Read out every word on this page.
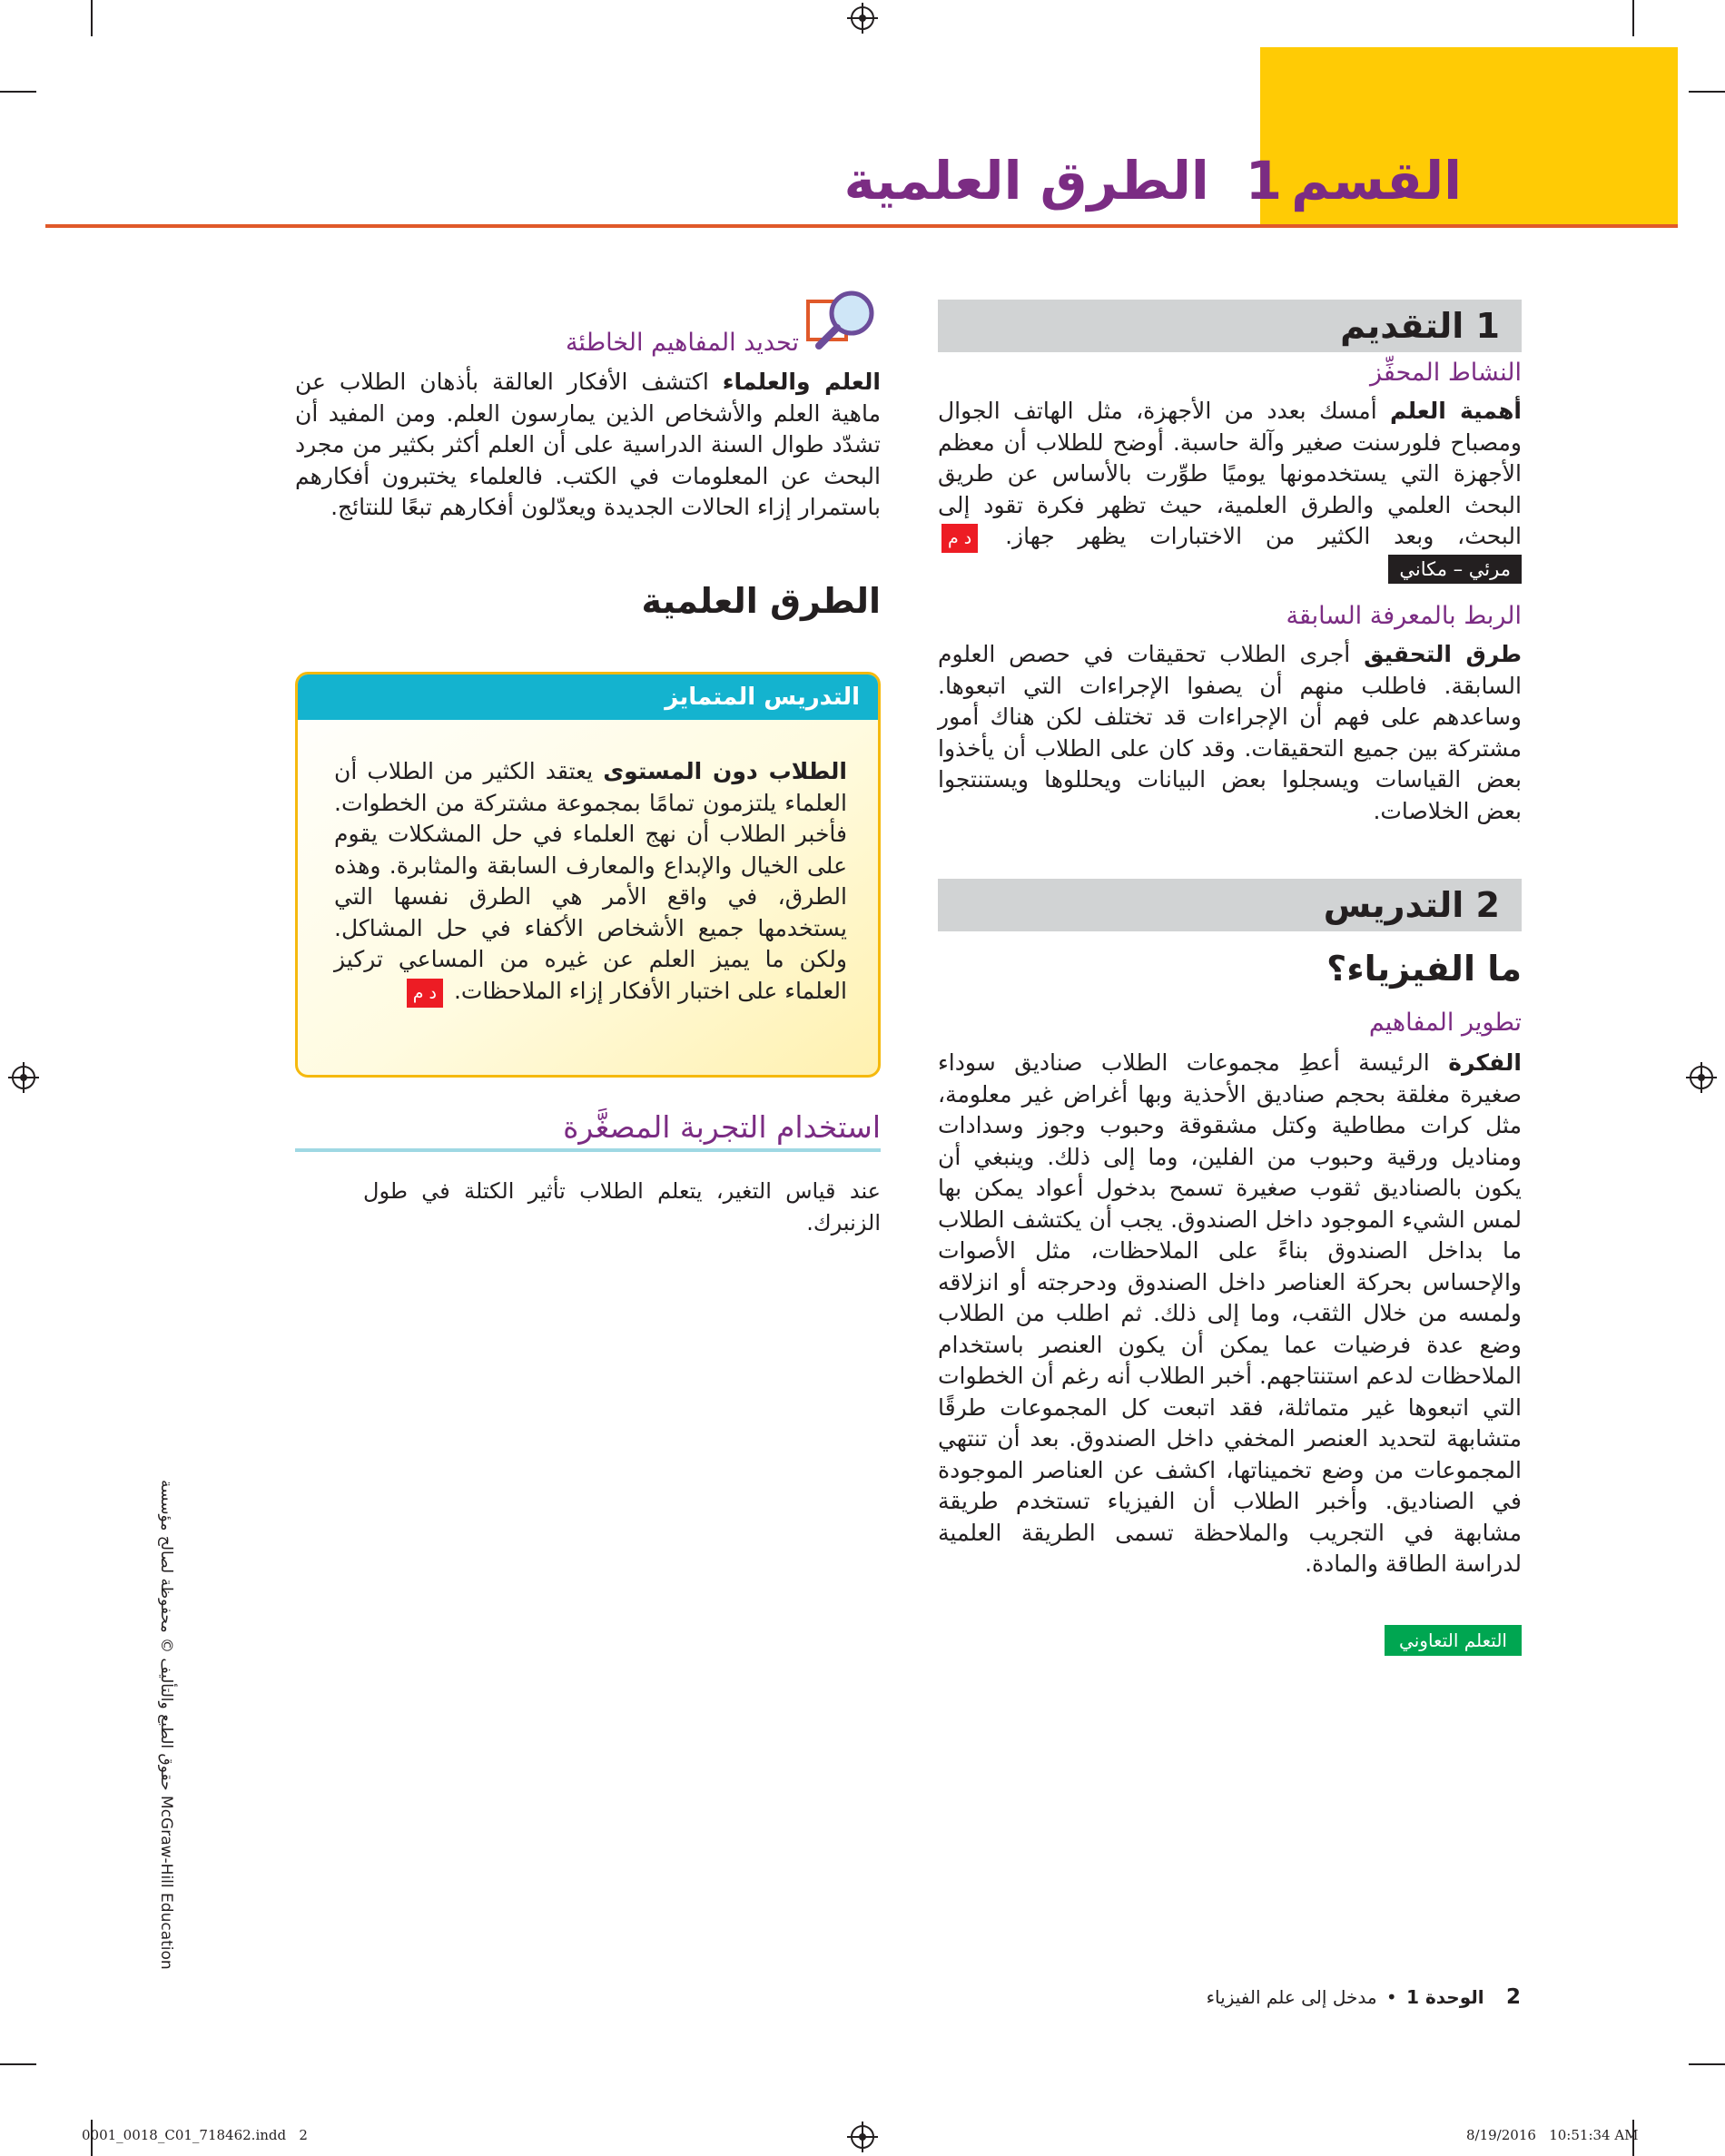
القسم1الطرق العلمية
1 التقديم
النشاط المحفِّز
أهمية العلم أمسك بعدد من الأجهزة، مثل الهاتف الجوال ومصباح فلورسنت صغير وآلة حاسبة. أوضح للطلاب أن معظم الأجهزة التي يستخدمونها يوميًا طوِّرت بالأساس عن طريق البحث العلمي والطرق العلمية، حيث تظهر فكرة تقود إلى البحث، وبعد الكثير من الاختبارات يظهر جهاز. د ممرئي – مكاني
الربط بالمعرفة السابقة
طرق التحقيق أجرى الطلاب تحقيقات في حصص العلوم السابقة. فاطلب منهم أن يصفوا الإجراءات التي اتبعوها. وساعدهم على فهم أن الإجراءات قد تختلف لكن هناك أمور مشتركة بين جميع التحقيقات. وقد كان على الطلاب أن يأخذوا بعض القياسات ويسجلوا بعض البيانات ويحللوها ويستنتجوا بعض الخلاصات.
2 التدريس
ما الفيزياء؟
تطوير المفاهيم
الفكرة الرئيسة أعطِ مجموعات الطلاب صناديق سوداء صغيرة مغلقة بحجم صناديق الأحذية وبها أغراض غير معلومة، مثل كرات مطاطية وكتل مشقوقة وحبوب وجوز وسدادات ومناديل ورقية وحبوب من الفلين، وما إلى ذلك. وينبغي أن يكون بالصناديق ثقوب صغيرة تسمح بدخول أعواد يمكن بها لمس الشيء الموجود داخل الصندوق. يجب أن يكتشف الطلاب ما بداخل الصندوق بناءً على الملاحظات، مثل الأصوات والإحساس بحركة العناصر داخل الصندوق ودحرجته أو انزلاقه ولمسه من خلال الثقب، وما إلى ذلك. ثم اطلب من الطلاب وضع عدة فرضيات عما يمكن أن يكون العنصر باستخدام الملاحظات لدعم استنتاجهم. أخبر الطلاب أنه رغم أن الخطوات التي اتبعوها غير متماثلة، فقد اتبعت كل المجموعات طرقًا متشابهة لتحديد العنصر المخفي داخل الصندوق. بعد أن تنتهي المجموعات من وضع تخميناتها، اكشف عن العناصر الموجودة في الصناديق. وأخبر الطلاب أن الفيزياء تستخدم طريقة مشابهة في التجريب والملاحظة تسمى الطريقة العلمية لدراسة الطاقة والمادة.
التعلم التعاوني
تحديد المفاهيم الخاطئة
العلم والعلماء اكتشف الأفكار العالقة بأذهان الطلاب عن ماهية العلم والأشخاص الذين يمارسون العلم. ومن المفيد أن تشدّد طوال السنة الدراسية على أن العلم أكثر بكثير من مجرد البحث عن المعلومات في الكتب. فالعلماء يختبرون أفكارهم باستمرار إزاء الحالات الجديدة ويعدّلون أفكارهم تبعًا للنتائج.
الطرق العلمية
التدريس المتمايز
الطلاب دون المستوى يعتقد الكثير من الطلاب أن العلماء يلتزمون تمامًا بمجموعة مشتركة من الخطوات. فأخبر الطلاب أن نهج العلماء في حل المشكلات يقوم على الخيال والإبداع والمعارف السابقة والمثابرة. وهذه الطرق، في واقع الأمر هي الطرق نفسها التي يستخدمها جميع الأشخاص الأكفاء في حل المشاكل. ولكن ما يميز العلم عن غيره من المساعي تركيز العلماء على اختبار الأفكار إزاء الملاحظات. د م
استخدام التجربة المصغَّرة
عند قياس التغير، يتعلم الطلاب تأثير الكتلة في طول الزنبرك.
McGraw-Hill Education حقوق الطبع والتأليف © محفوظة لصالح مؤسسة
2 الوحدة 1 • مدخل إلى علم الفيزياء
0001_0018_C01_718462.indd   2	8/19/2016   10:51:34 AM
